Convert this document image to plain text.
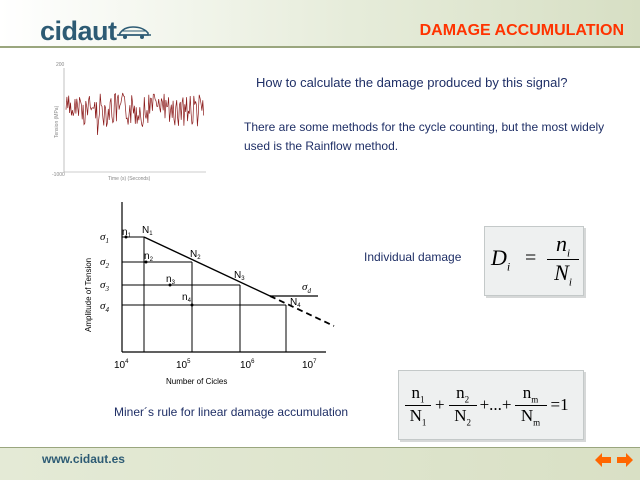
cidaut	DAMAGE ACCUMULATION
200
Tension (MPa)
-1000
Time (s) (Seconds)
How to calculate the damage produced by this signal?
There are some methods for the cycle counting, but the most widely used is the Rainflow method.
Amplitude of Tension
$\sigma_1$
$\sigma_2$
$\sigma_3$
$\sigma_4$
$n_1$
$n_2$
$n_3$
$n_4$
$N_1$
$N_2$
$N_3$
$N_4$
$\sigma_d$
$10^4$	$10^5$	$10^6$	$10^7$
Number of Cicles
Individual damage $D_i$ =
$n_i$
$N_i$
Miner´s rule for linear damage accumulation	$\frac{n_1}{N_1} + \frac{n_2}{N_2}$ +...+ $\frac{n_m}{N_m} =1$
www.cidaut.es
